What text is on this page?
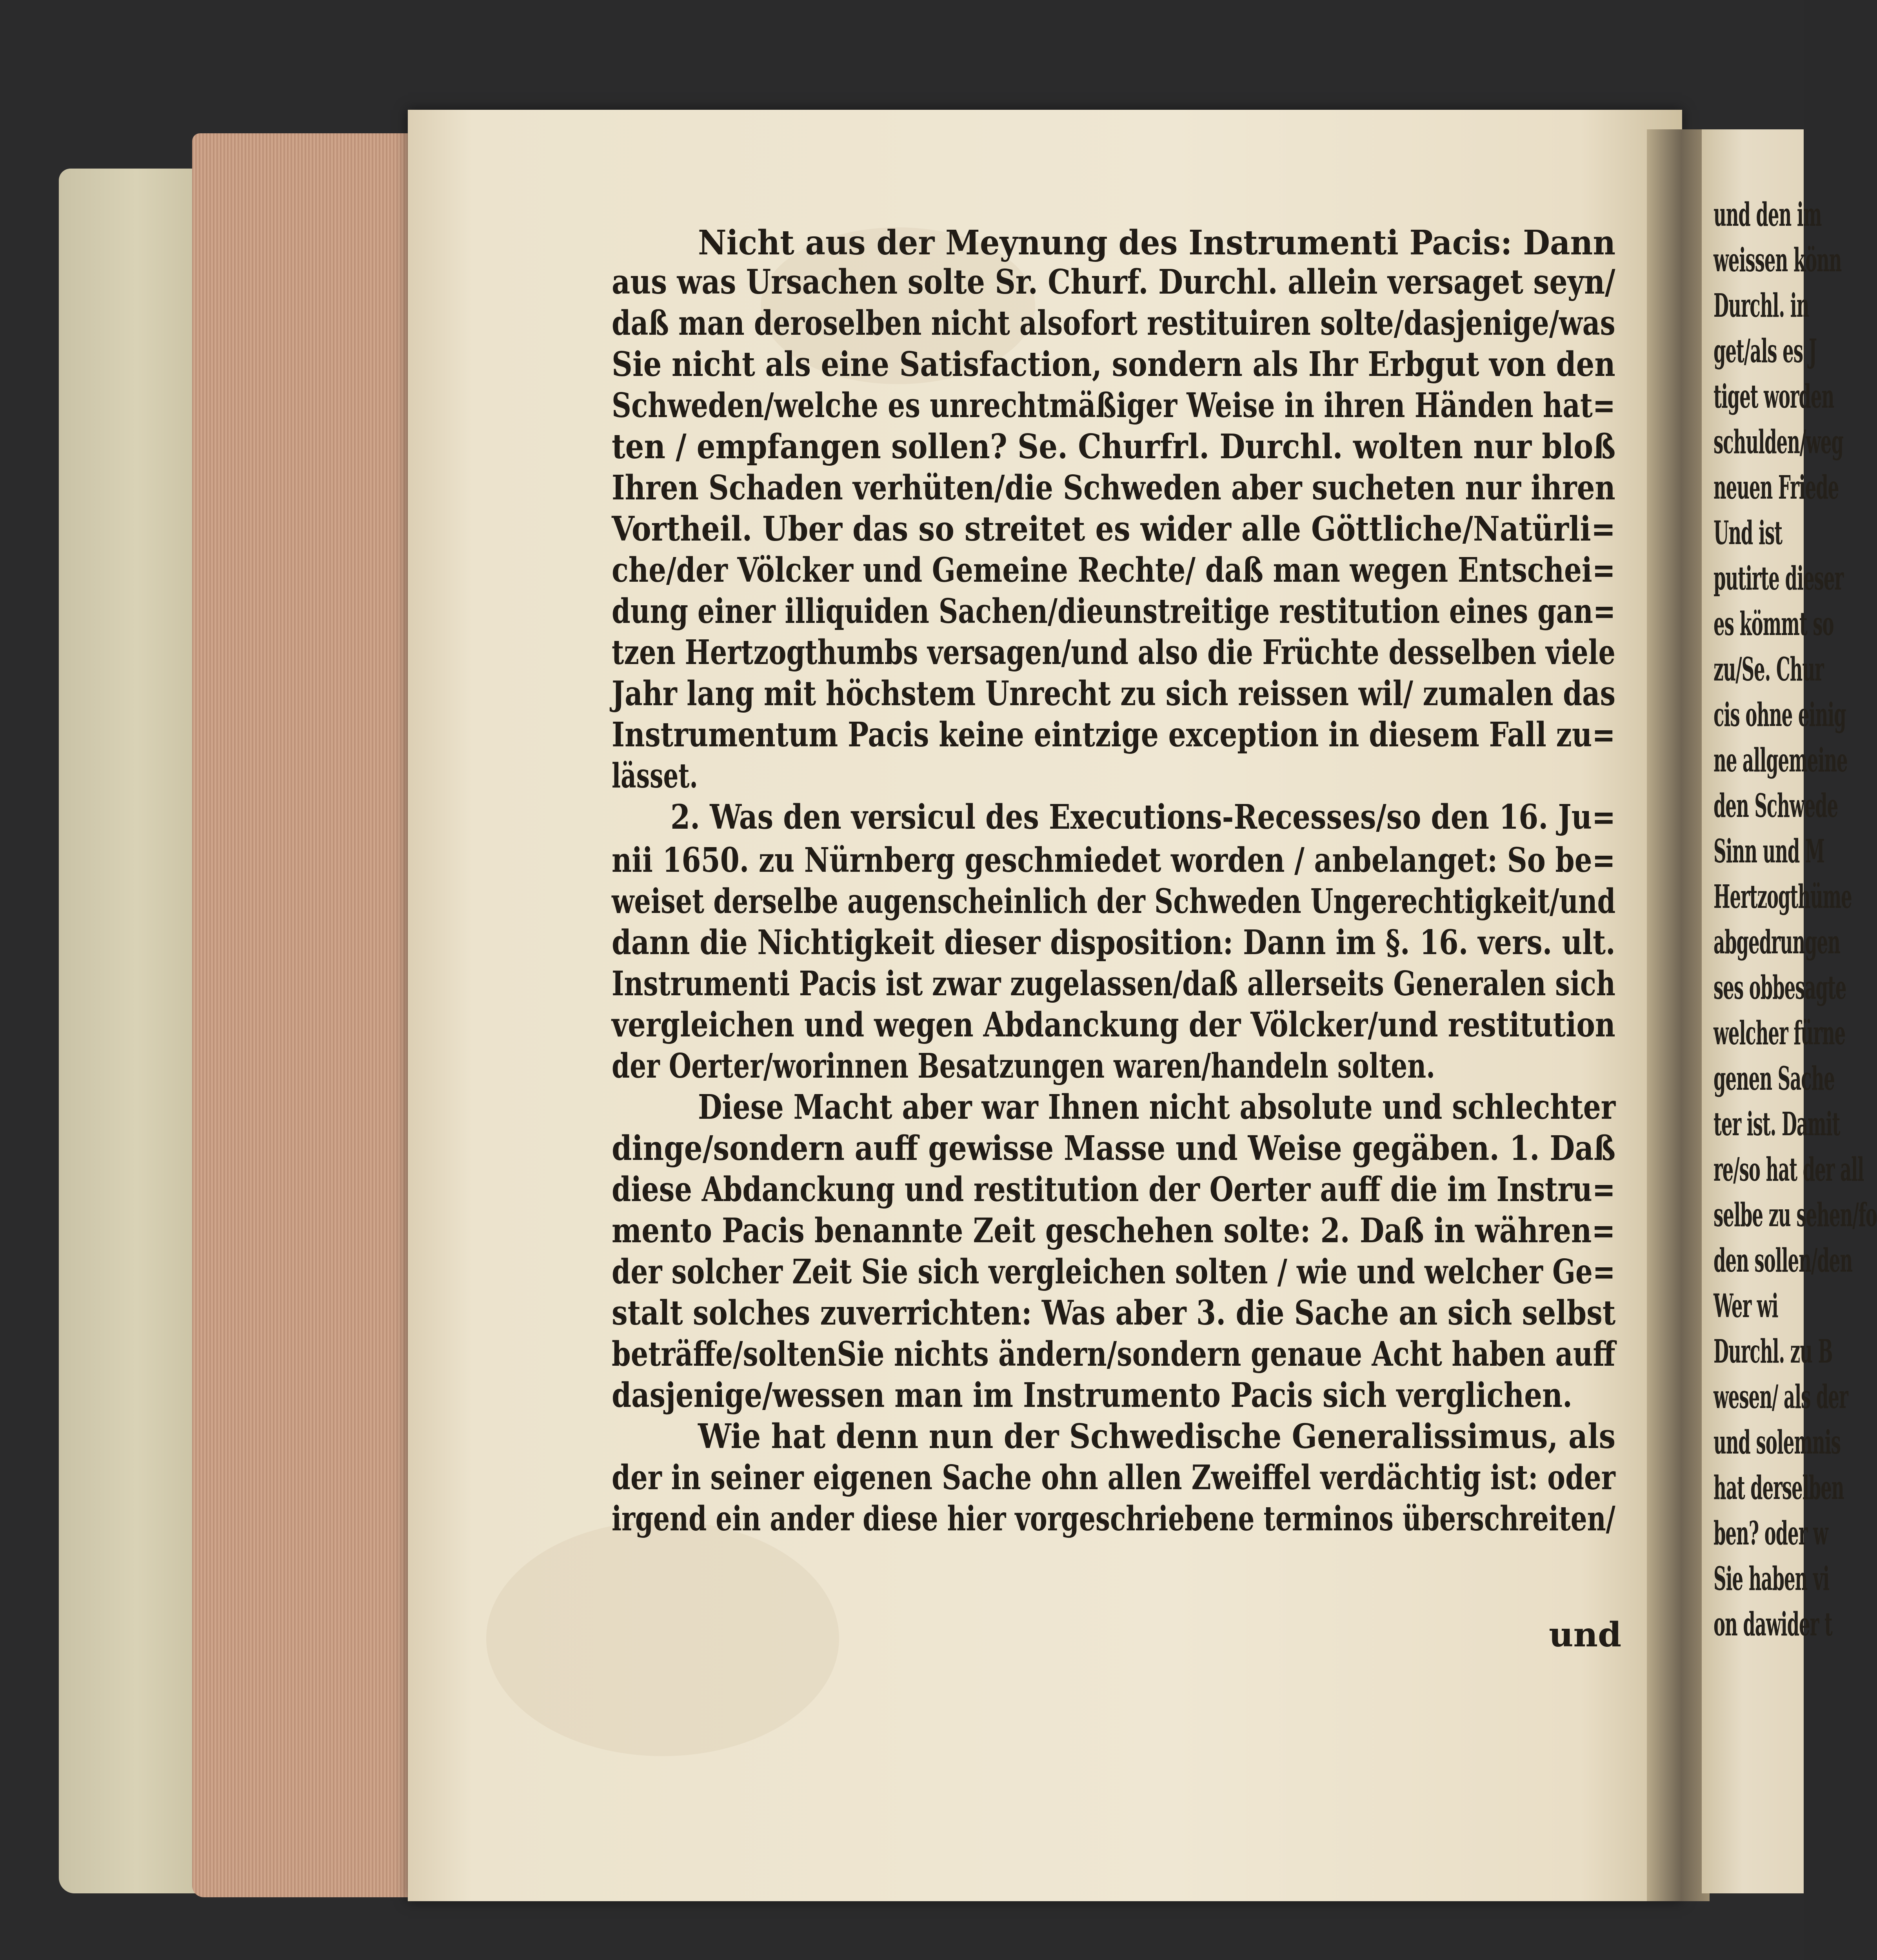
und den im
weissen könn
Durchl. in
get/als es J
tiget worden
schulden/weg
neuen Friede
Und ist
putirte dieser
es kömmt so
zu/Se. Chur
cis ohne einig
ne allgemeine
den Schwede
Sinn und M
Hertzogthüme
abgedrungen
ses obbesagte
welcher fürne
genen Sache
ter ist. Damit
re/so hat der all
selbe zu sehen/fo
den sollen/den
Wer wi
Durchl. zu B
wesen/ als der
und solemnis
hat derselben
ben? oder w
Sie haben vi
on dawider t
Nicht aus der Meynung des Instrumenti Pacis: Dann
aus was Ursachen solte Sr. Churf. Durchl. allein versaget seyn/
daß man deroselben nicht alsofort restituiren solte/dasjenige/was
Sie nicht als eine Satisfaction, sondern als Ihr Erbgut von den
Schweden/welche es unrechtmäßiger Weise in ihren Händen hat=
ten / empfangen sollen? Se. Churfrl. Durchl. wolten nur bloß
Ihren Schaden verhüten/die Schweden aber sucheten nur ihren
Vortheil. Uber das so streitet es wider alle Göttliche/Natürli=
che/der Völcker und Gemeine Rechte/ daß man wegen Entschei=
dung einer illiquiden Sachen/dieunstreitige restitution eines gan=
tzen Hertzogthumbs versagen/und also die Früchte desselben viele
Jahr lang mit höchstem Unrecht zu sich reissen wil/ zumalen das
Instrumentum Pacis keine eintzige exception in diesem Fall zu=
lässet.
2. Was den versicul des Executions-Recesses/so den 16. Ju=
nii 1650. zu Nürnberg geschmiedet worden / anbelanget: So be=
weiset derselbe augenscheinlich der Schweden Ungerechtigkeit/und
dann die Nichtigkeit dieser disposition: Dann im §. 16. vers. ult.
Instrumenti Pacis ist zwar zugelassen/daß allerseits Generalen sich
vergleichen und wegen Abdanckung der Völcker/und restitution
der Oerter/worinnen Besatzungen waren/handeln solten.
Diese Macht aber war Ihnen nicht absolute und schlechter
dinge/sondern auff gewisse Masse und Weise gegäben. 1. Daß
diese Abdanckung und restitution der Oerter auff die im Instru=
mento Pacis benannte Zeit geschehen solte: 2. Daß in währen=
der solcher Zeit Sie sich vergleichen solten / wie und welcher Ge=
stalt solches zuverrichten: Was aber 3. die Sache an sich selbst
beträffe/soltenSie nichts ändern/sondern genaue Acht haben auff
dasjenige/wessen man im Instrumento Pacis sich verglichen.
Wie hat denn nun der Schwedische Generalissimus, als
der in seiner eigenen Sache ohn allen Zweiffel verdächtig ist: oder
irgend ein ander diese hier vorgeschriebene terminos überschreiten/
und
